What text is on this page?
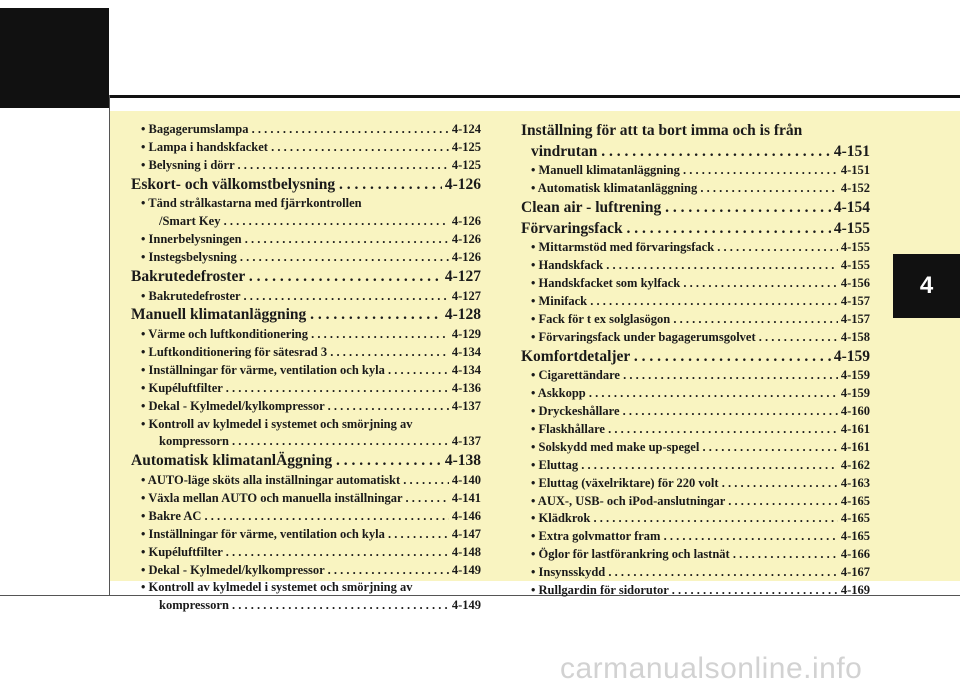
• Bagagerumslampa . . .	4-124
• Lampa i handskfacket . . .	4-125
• Belysning i dörr . . .	4-125
Eskort- och välkomstbelysning . . .	4-126
• Tänd strålkastarna med fjärrkontrollen
/Smart Key . . .	4-126
• Innerbelysningen . . .	4-126
• Instegsbelysning . . .	4-126
Bakrutedefroster . . .	4-127
• Bakrutedefroster . . .	4-127
Manuell klimatanläggning . . .	4-128
• Värme och luftkonditionering . . .	4-129
• Luftkonditionering för sätesrad 3 . . .	4-134
• Inställningar för värme, ventilation och kyla . . .	4-134
• Kupéluftfilter . . .	4-136
• Dekal - Kylmedel/kylkompressor . . .	4-137
• Kontroll av kylmedel i systemet och smörjning av
kompressorn . . .	4-137
Automatisk klimatanlÄggning . . .	4-138
• AUTO-läge sköts alla inställningar automatiskt . . .	4-140
• Växla mellan AUTO och manuella inställningar . . .	4-141
• Bakre AC . . .	4-146
• Inställningar för värme, ventilation och kyla . . .	4-147
• Kupéluftfilter . . .	4-148
• Dekal - Kylmedel/kylkompressor . . .	4-149
• Kontroll av kylmedel i systemet och smörjning av
kompressorn . . .	4-149
Inställning för att ta bort imma och is från
vindrutan . . .	4-151
• Manuell klimatanläggning . . .	4-151
• Automatisk klimatanläggning . . .	4-152
Clean air - luftrening . . .	4-154
Förvaringsfack . . .	4-155
• Mittarmstöd med förvaringsfack . . .	4-155
• Handskfack . . .	4-155
• Handskfacket som kylfack . . .	4-156
• Minifack . . .	4-157
• Fack för t ex solglasögon . . .	4-157
• Förvaringsfack under bagagerumsgolvet . . .	4-158
Komfortdetaljer . . .	4-159
• Cigarettändare . . .	4-159
• Askkopp . . .	4-159
• Dryckeshållare . . .	4-160
• Flaskhållare . . .	4-161
• Solskydd med make up-spegel . . .	4-161
• Eluttag . . .	4-162
• Eluttag (växelriktare) för 220 volt . . .	4-163
• AUX-, USB- och iPod-anslutningar . . .	4-165
• Klädkrok . . .	4-165
• Extra golvmattor fram . . .	4-165
• Öglor för lastförankring och lastnät . . .	4-166
• Insynsskydd . . .	4-167
• Rullgardin för sidorutor . . .	4-169
4
carmanualsonline.info
